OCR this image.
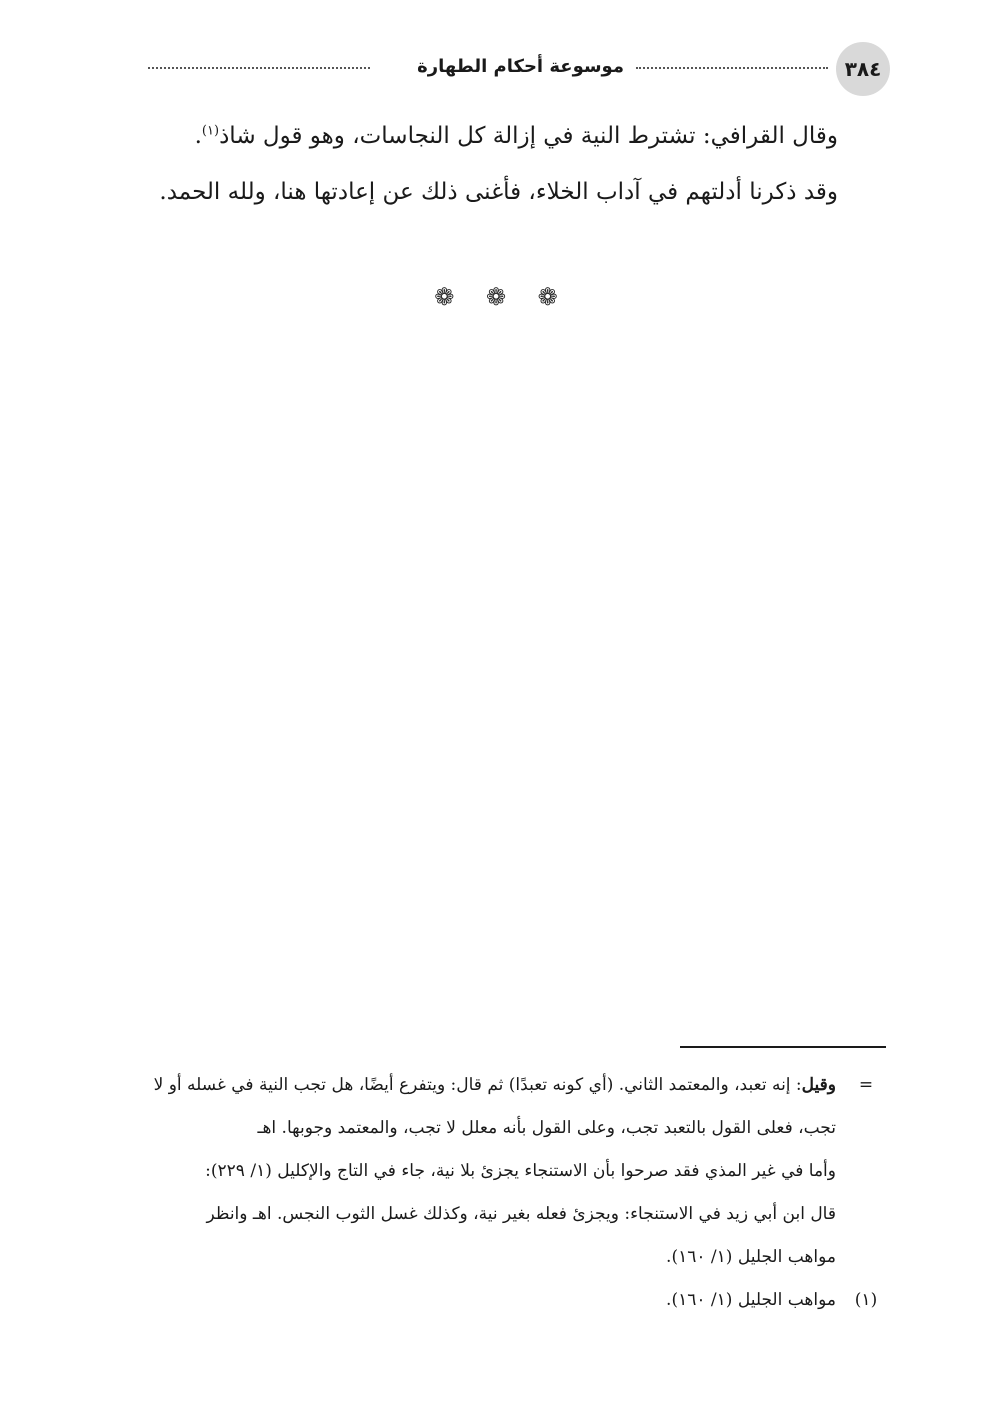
٣٨٤
موسوعة أحكام الطهارة
وقال القرافي: تشترط النية في إزالة كل النجاسات، وهو قول شاذ$^{(١)}$.
وقد ذكرنا أدلتهم في آداب الخلاء، فأغنى ذلك عن إعادتها هنا، ولله الحمد.
❁ ❁ ❁
=
وقيل: إنه تعبد، والمعتمد الثاني. (أي كونه تعبدًا) ثم قال: ويتفرع أيضًا، هل تجب النية في غسله أو لا
تجب، فعلى القول بالتعبد تجب، وعلى القول بأنه معلل لا تجب، والمعتمد وجوبها. اهـ
وأما في غير المذي فقد صرحوا بأن الاستنجاء يجزئ بلا نية، جاء في التاج والإكليل (١/ ٢٢٩):
قال ابن أبي زيد في الاستنجاء: ويجزئ فعله بغير نية، وكذلك غسل الثوب النجس. اهـ وانظر
مواهب الجليل (١/ ١٦٠).
(١)
مواهب الجليل (١/ ١٦٠).
